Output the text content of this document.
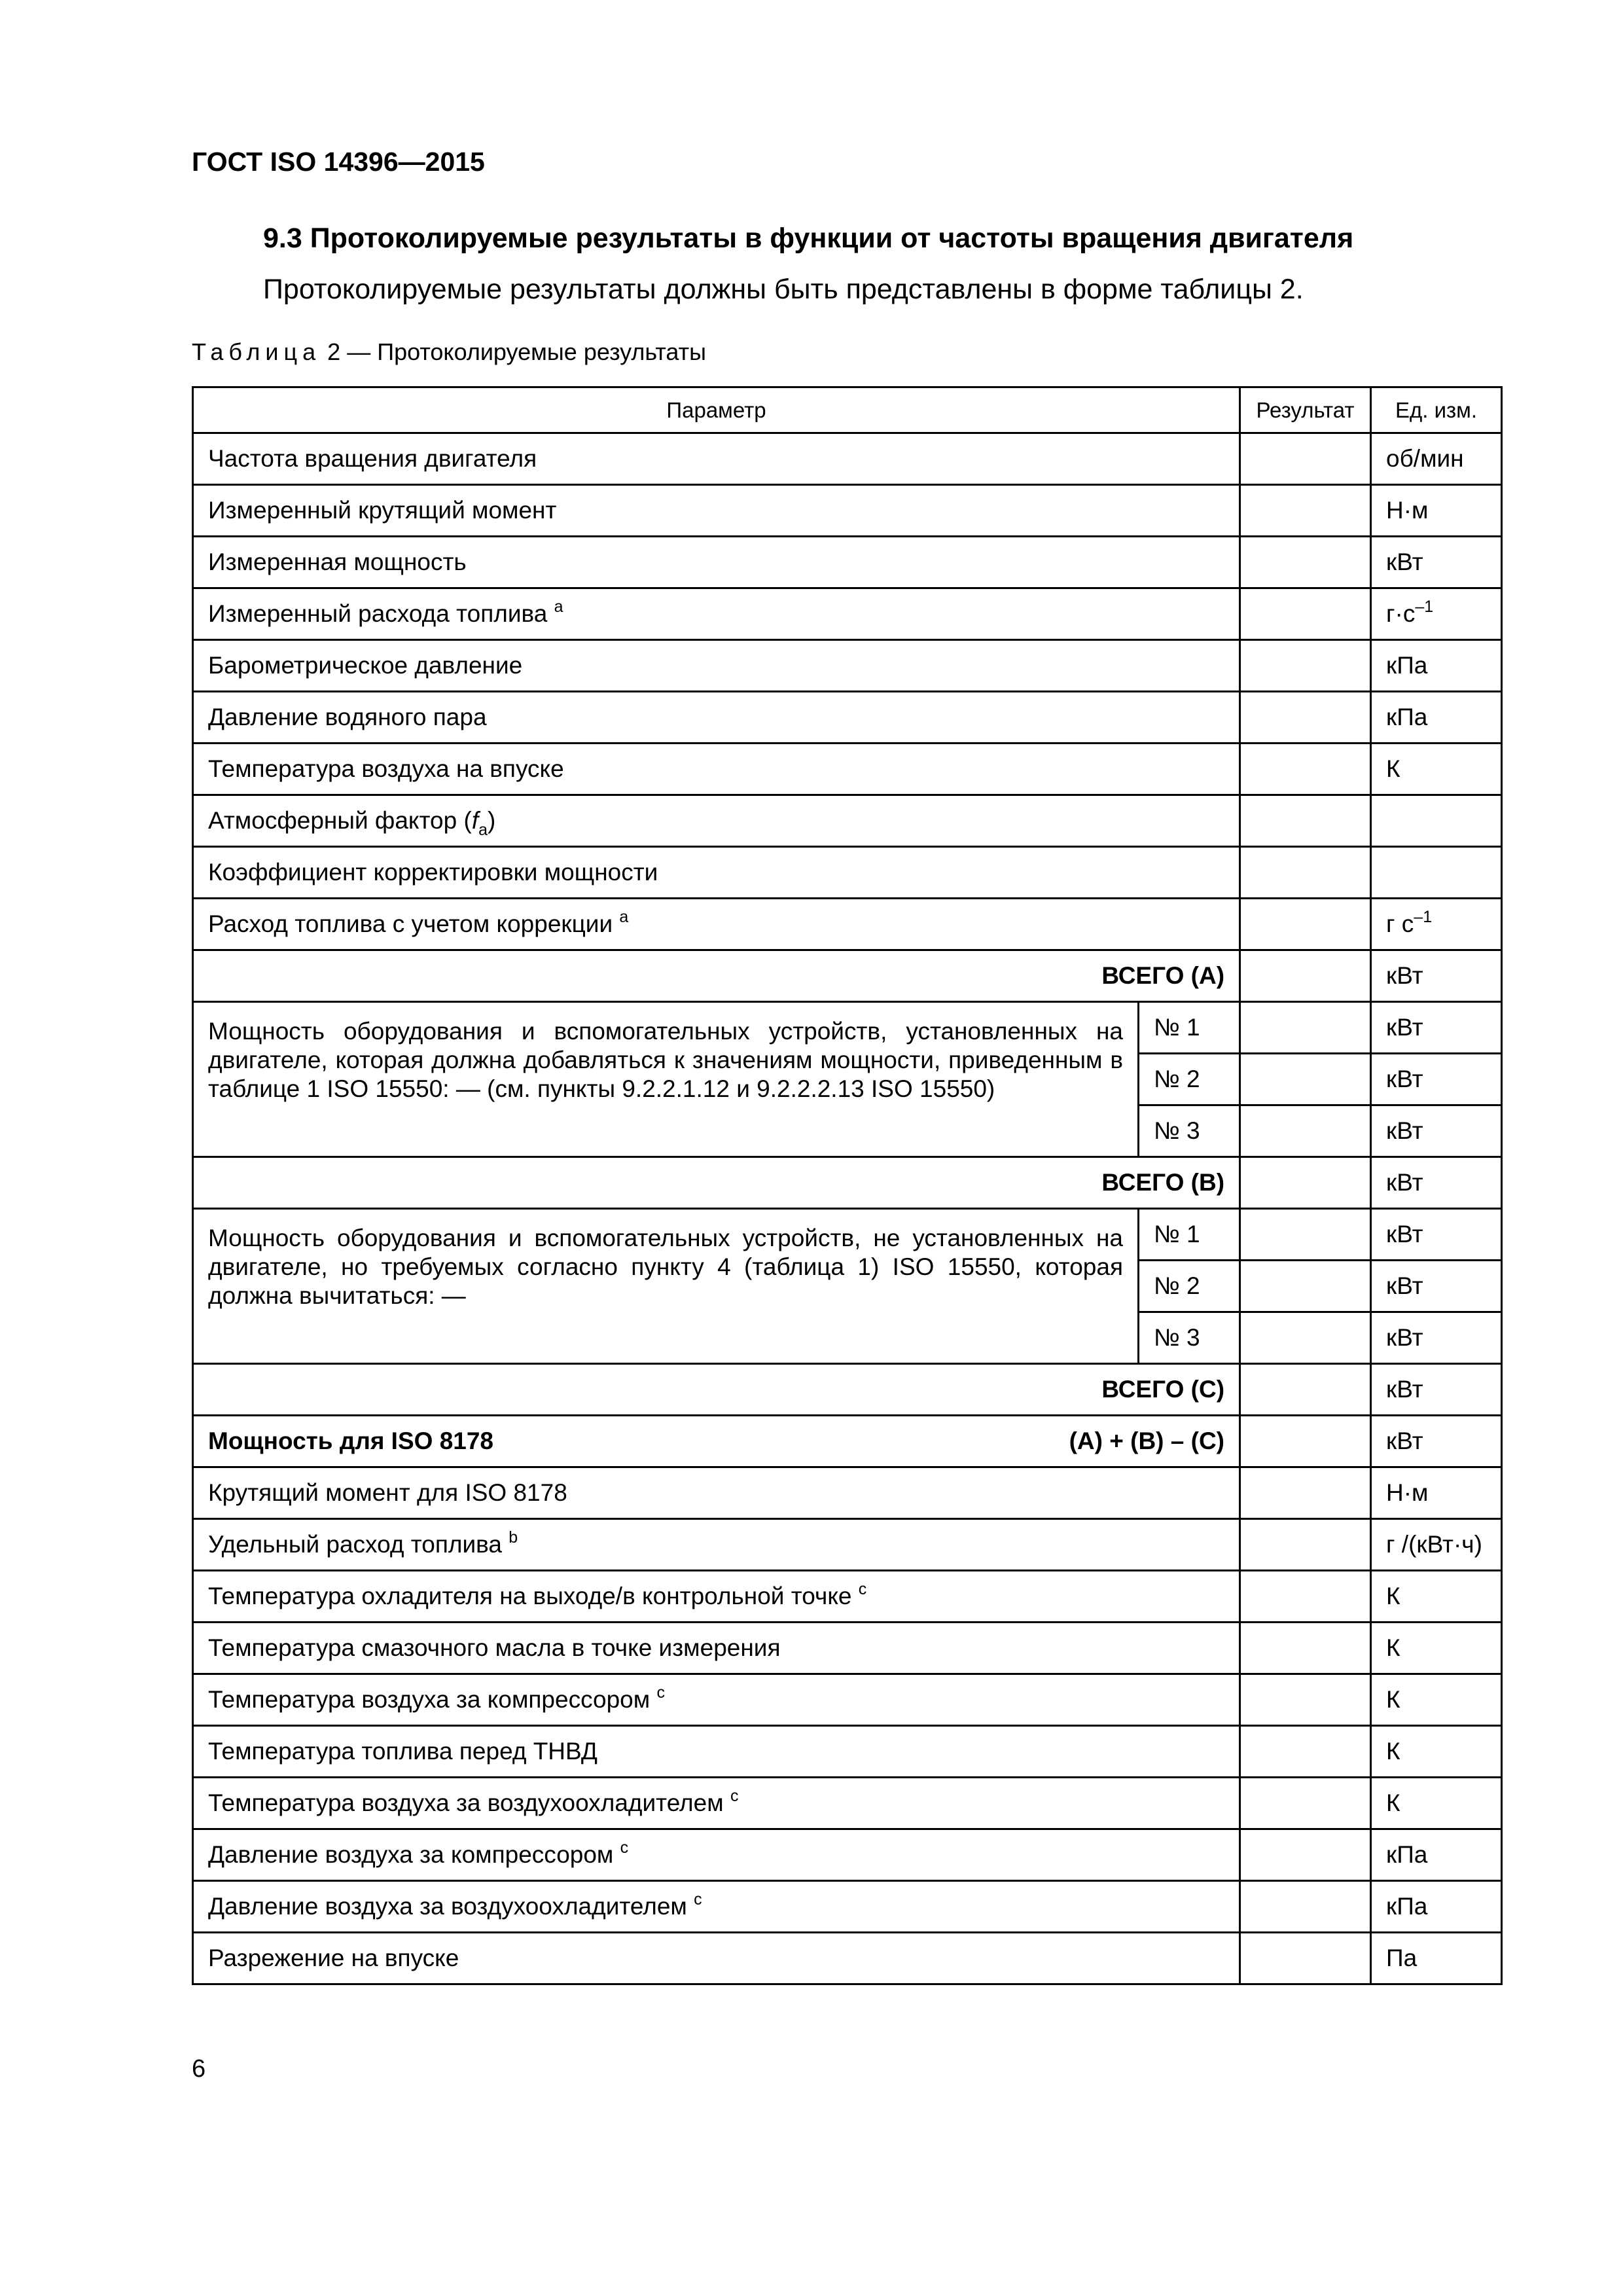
ГОСТ ISO 14396—2015

9.3 Протоколируемые результаты в функции от частоты вращения двигателя

Протоколируемые результаты должны быть представлены в форме таблицы 2.

Таблица 2 — Протоколируемые результаты

Параметр		Результат	Ед. изм.
Частота вращения двигателя			об/мин
Измеренный крутящий момент			Н·м
Измеренная мощность			кВт
Измеренный расхода топлива $^a$			$г\cdot с^{-1}$
Барометрическое давление			кПа
Давление водяного пара			кПа
Температура воздуха на впуске			К
Атмосферный фактор $(f_a)$			
Коэффициент корректировки мощности			
Расход топлива с учетом коррекции $^a$			г $с^{-1}$
ВСЕГО (А)			кВт
Мощность оборудования и вспомогательных устройств, установленных на двигателе, которая должна добавляться к значениям мощности, приведенным в таблице 1 ISO 15550: — (см. пункты 9.2.2.1.12 и 9.2.2.2.13 ISO 15550)	№ 1		кВт
	№ 2		кВт
	№ 3		кВт
ВСЕГО (В)			кВт
Мощность оборудования и вспомогательных устройств, не установленных на двигателе, но требуемых согласно пункту 4 (таблица 1) ISO 15550, которая должна вычитаться: —	№ 1		кВт
	№ 2		кВт
	№ 3		кВт
ВСЕГО (С)			кВт

Мощность для ISO 8178 (А) + (В) – (С)			кВт
Крутящий момент для ISO 8178			Н·м
Удельный расход топлива $^b$			г /(кВт·ч)
Температура охладителя на выходе/в контрольной точке $^c$			К
Температура смазочного масла в точке измерения			К
Температура воздуха за компрессором $^c$			К
Температура топлива перед ТНВД			К
Температура воздуха за воздухоохладителем $^c$			К
Давление воздуха за компрессором $^c$			кПа
Давление воздуха за воздухоохладителем $^c$			кПа
Разрежение на впуске			Па

6
